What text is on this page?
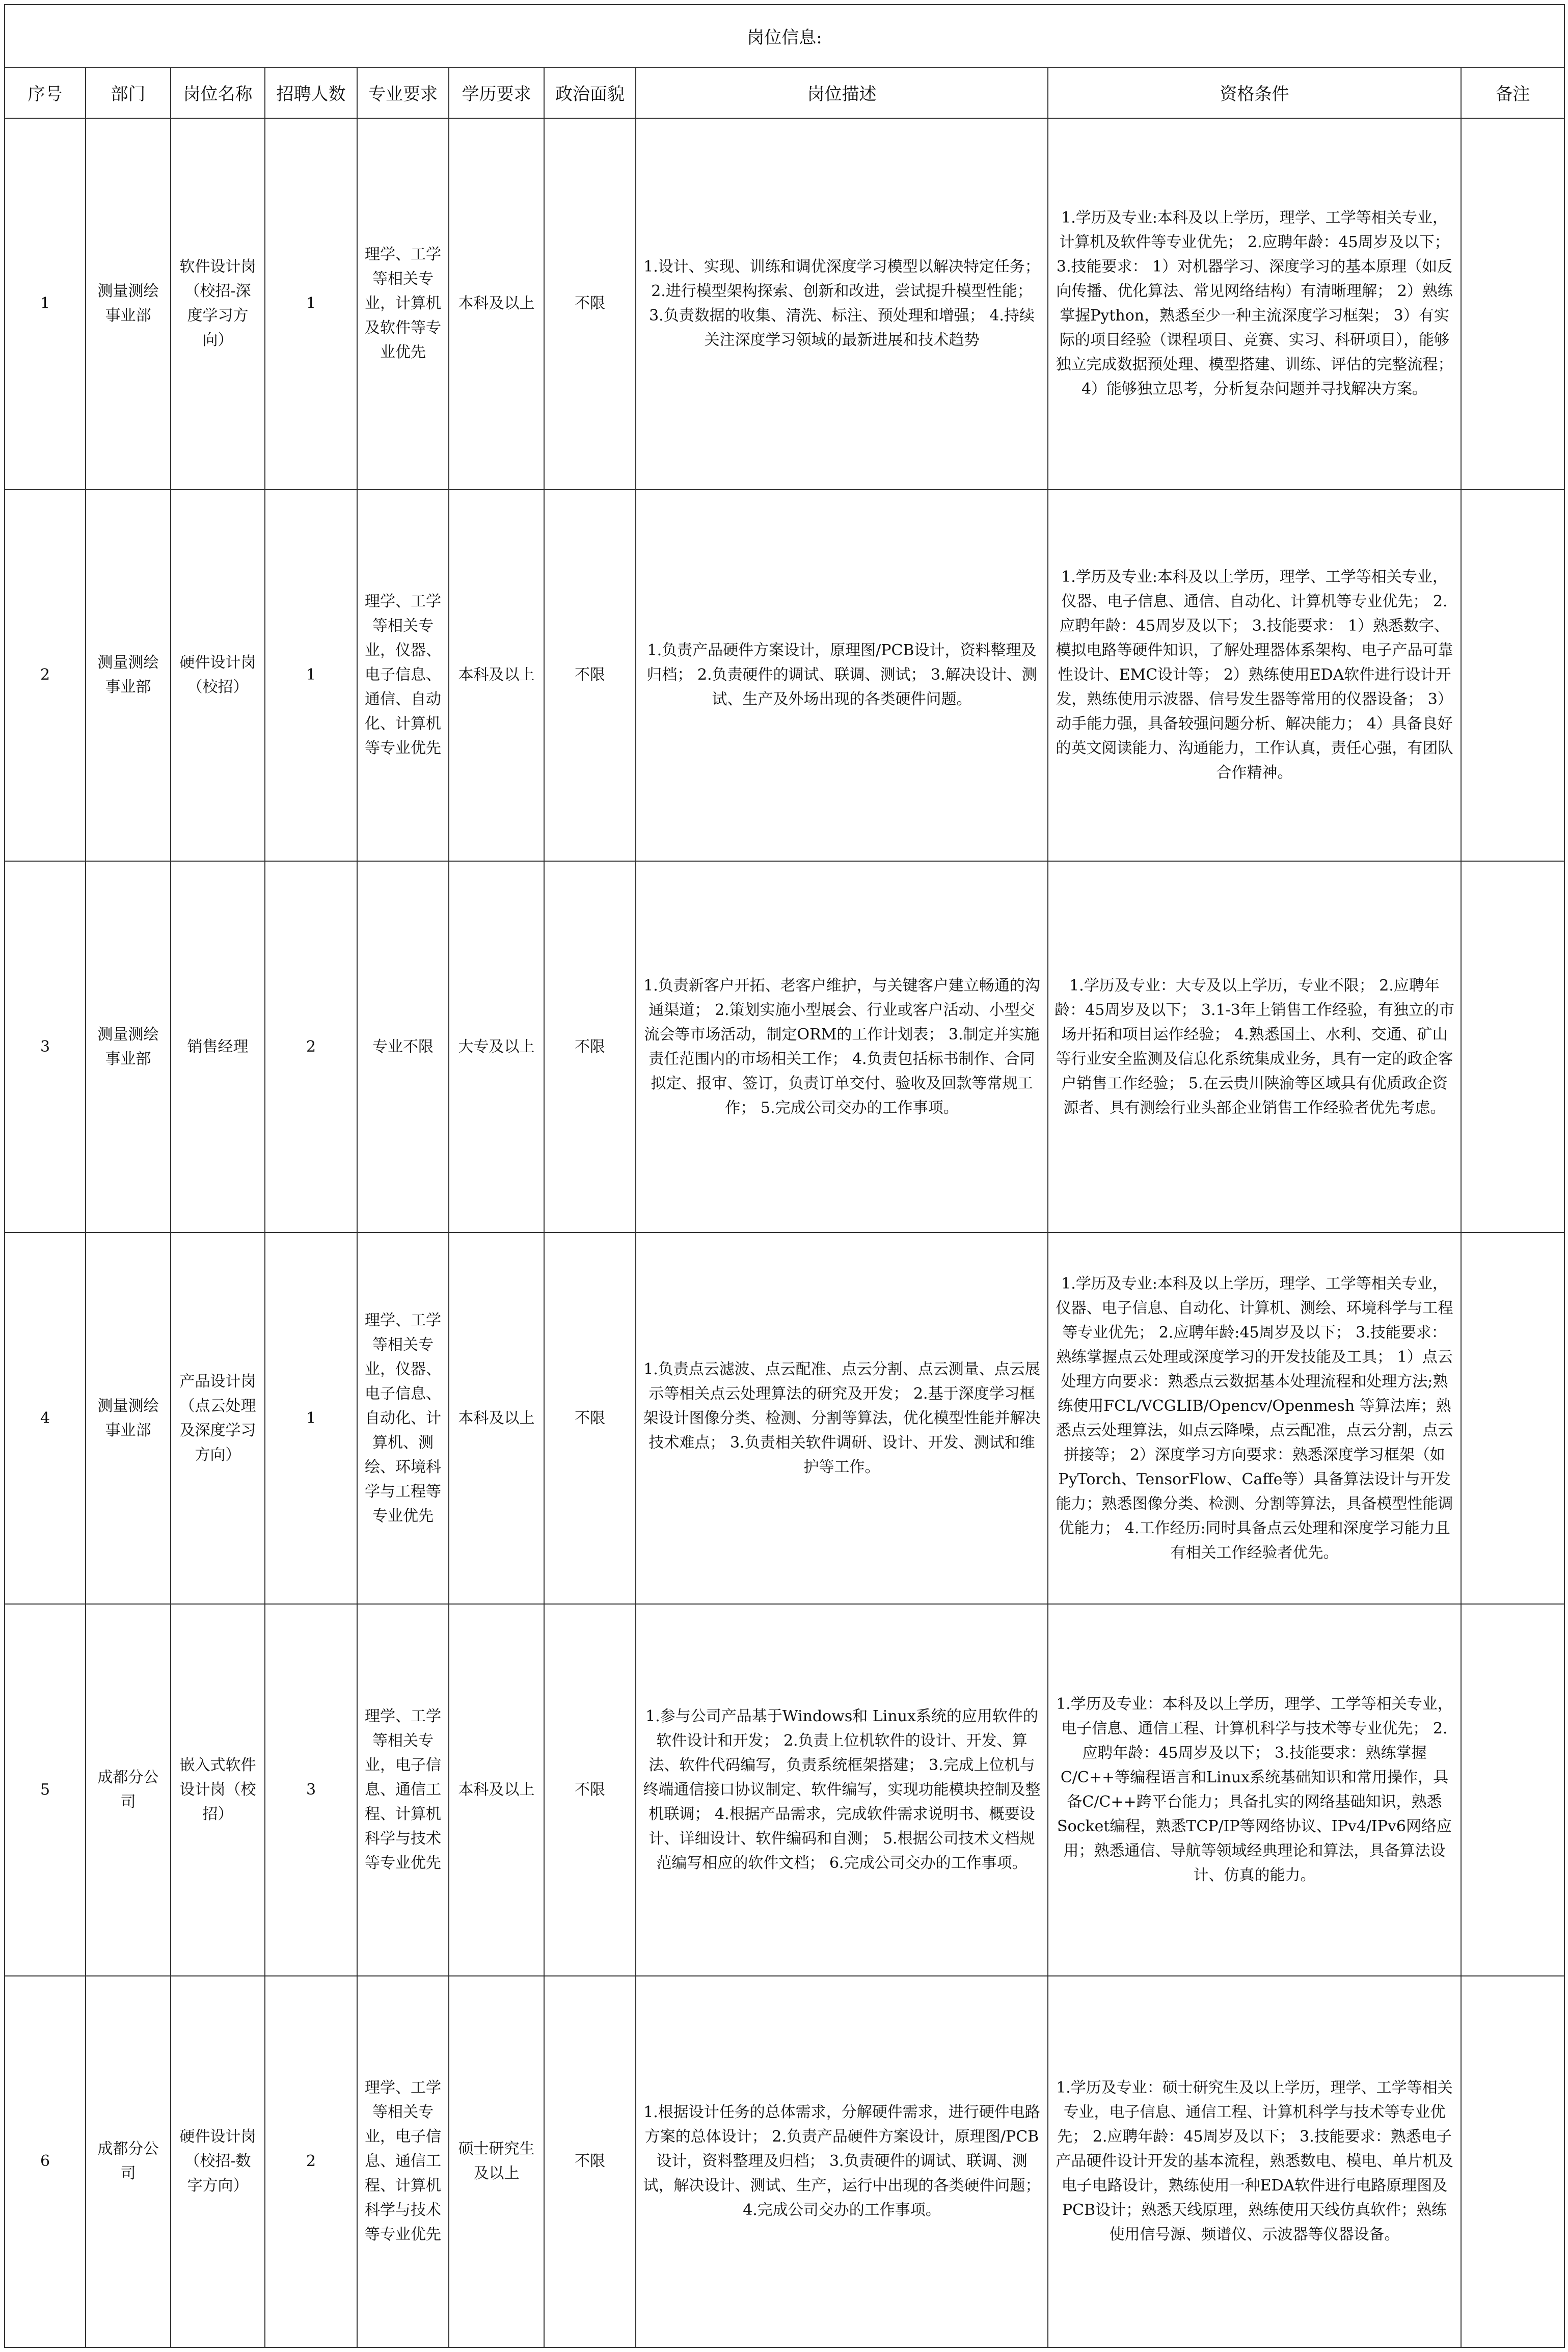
岗位信息:									
序号	部门	岗位名称	招聘人数	专业要求	学历要求	政治面貌	岗位描述	资格条件	备注
1	测量测绘事业部	软件设计岗（校招-深度学习方向）	1	理学、工学等相关专业，计算机及软件等专业优先	本科及以上	不限	1.设计、实现、训练和调优深度学习模型以解决特定任务； 2.进行模型架构探索、创新和改进，尝试提升模型性能； 3.负责数据的收集、清洗、标注、预处理和增强； 4.持续关注深度学习领域的最新进展和技术趋势	1.学历及专业:本科及以上学历，理学、工学等相关专业，计算机及软件等专业优先； 2.应聘年龄：45周岁及以下； 3.技能要求： 1）对机器学习、深度学习的基本原理（如反向传播、优化算法、常见网络结构）有清晰理解； 2）熟练掌握Python，熟悉至少一种主流深度学习框架； 3）有实际的项目经验（课程项目、竞赛、实习、科研项目），能够独立完成数据预处理、模型搭建、训练、评估的完整流程； 4）能够独立思考，分析复杂问题并寻找解决方案。	
2	测量测绘事业部	硬件设计岗（校招）	1	理学、工学等相关专业，仪器、电子信息、通信、自动化、计算机等专业优先	本科及以上	不限	1.负责产品硬件方案设计，原理图/PCB设计，资料整理及归档； 2.负责硬件的调试、联调、测试； 3.解决设计、测试、生产及外场出现的各类硬件问题。	1.学历及专业:本科及以上学历，理学、工学等相关专业，仪器、电子信息、通信、自动化、计算机等专业优先； 2.应聘年龄：45周岁及以下； 3.技能要求： 1）熟悉数字、模拟电路等硬件知识，了解处理器体系架构、电子产品可靠性设计、EMC设计等； 2）熟练使用EDA软件进行设计开发，熟练使用示波器、信号发生器等常用的仪器设备； 3）动手能力强，具备较强问题分析、解决能力； 4）具备良好的英文阅读能力、沟通能力，工作认真，责任心强，有团队合作精神。	
3	测量测绘事业部	销售经理	2	专业不限	大专及以上	不限	1.负责新客户开拓、老客户维护，与关键客户建立畅通的沟通渠道； 2.策划实施小型展会、行业或客户活动、小型交流会等市场活动，制定ORM的工作计划表； 3.制定并实施责任范围内的市场相关工作； 4.负责包括标书制作、合同拟定、报审、签订，负责订单交付、验收及回款等常规工作； 5.完成公司交办的工作事项。	1.学历及专业：大专及以上学历，专业不限； 2.应聘年龄：45周岁及以下； 3.1-3年上销售工作经验，有独立的市场开拓和项目运作经验； 4.熟悉国土、水利、交通、矿山等行业安全监测及信息化系统集成业务，具有一定的政企客户销售工作经验； 5.在云贵川陕渝等区域具有优质政企资源者、具有测绘行业头部企业销售工作经验者优先考虑。	
4	测量测绘事业部	产品设计岗（点云处理及深度学习方向）	1	理学、工学等相关专业，仪器、电子信息、自动化、计算机、测绘、环境科学与工程等专业优先	本科及以上	不限	1.负责点云滤波、点云配准、点云分割、点云测量、点云展示等相关点云处理算法的研究及开发； 2.基于深度学习框架设计图像分类、检测、分割等算法，优化模型性能并解决技术难点； 3.负责相关软件调研、设计、开发、测试和维护等工作。	1.学历及专业:本科及以上学历，理学、工学等相关专业，仪器、电子信息、自动化、计算机、测绘、环境科学与工程等专业优先； 2.应聘年龄:45周岁及以下； 3.技能要求： 熟练掌握点云处理或深度学习的开发技能及工具； 1）点云处理方向要求：熟悉点云数据基本处理流程和处理方法;熟练使用FCL/VCGLIB/Opencv/Openmesh 等算法库；熟悉点云处理算法，如点云降噪，点云配准，点云分割，点云拼接等； 2）深度学习方向要求：熟悉深度学习框架（如PyTorch、TensorFlow、Caffe等）具备算法设计与开发能力；熟悉图像分类、检测、分割等算法，具备模型性能调优能力； 4.工作经历:同时具备点云处理和深度学习能力且有相关工作经验者优先。	
5	成都分公司	嵌入式软件设计岗（校招）	3	理学、工学等相关专业，电子信息、通信工程、计算机科学与技术等专业优先	本科及以上	不限	1.参与公司产品基于Windows和 Linux系统的应用软件的软件设计和开发； 2.负责上位机软件的设计、开发、算法、软件代码编写，负责系统框架搭建； 3.完成上位机与终端通信接口协议制定、软件编写，实现功能模块控制及整机联调； 4.根据产品需求，完成软件需求说明书、概要设计、详细设计、软件编码和自测； 5.根据公司技术文档规范编写相应的软件文档； 6.完成公司交办的工作事项。	1.学历及专业：本科及以上学历，理学、工学等相关专业，电子信息、通信工程、计算机科学与技术等专业优先； 2.应聘年龄：45周岁及以下； 3.技能要求：熟练掌握C/C++等编程语言和Linux系统基础知识和常用操作，具备C/C++跨平台能力；具备扎实的网络基础知识，熟悉Socket编程，熟悉TCP/IP等网络协议、IPv4/IPv6网络应用；熟悉通信、导航等领域经典理论和算法，具备算法设计、仿真的能力。	
6	成都分公司	硬件设计岗（校招-数字方向）	2	理学、工学等相关专业，电子信息、通信工程、计算机科学与技术等专业优先	硕士研究生及以上	不限	1.根据设计任务的总体需求，分解硬件需求，进行硬件电路方案的总体设计； 2.负责产品硬件方案设计，原理图/PCB设计，资料整理及归档； 3.负责硬件的调试、联调、测试，解决设计、测试、生产，运行中出现的各类硬件问题； 4.完成公司交办的工作事项。	1.学历及专业：硕士研究生及以上学历，理学、工学等相关专业，电子信息、通信工程、计算机科学与技术等专业优先； 2.应聘年龄：45周岁及以下； 3.技能要求：熟悉电子产品硬件设计开发的基本流程，熟悉数电、模电、单片机及电子电路设计，熟练使用一种EDA软件进行电路原理图及PCB设计；熟悉天线原理，熟练使用天线仿真软件；熟练使用信号源、频谱仪、示波器等仪器设备。	
